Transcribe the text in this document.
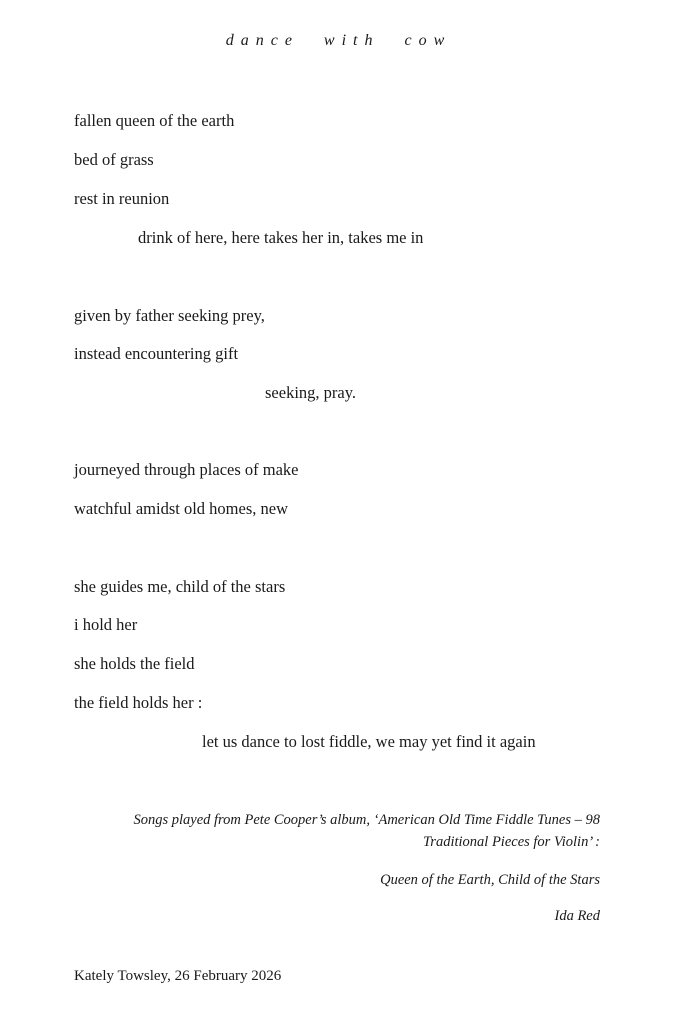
dance with cow
fallen queen of the earth
bed of grass
rest in reunion
drink of here, here takes her in, takes me in
given by father seeking prey,
instead encountering gift
seeking, pray.
journeyed through places of make
watchful amidst old homes, new
she guides me, child of the stars
i hold her
she holds the field
the field holds her :
let us dance to lost fiddle, we may yet find it again
Songs played from Pete Cooper’s album, ‘American Old Time Fiddle Tunes – 98
Traditional Pieces for Violin’ :
Queen of the Earth, Child of the Stars
Ida Red
Kately Towsley, 26 February 2026
